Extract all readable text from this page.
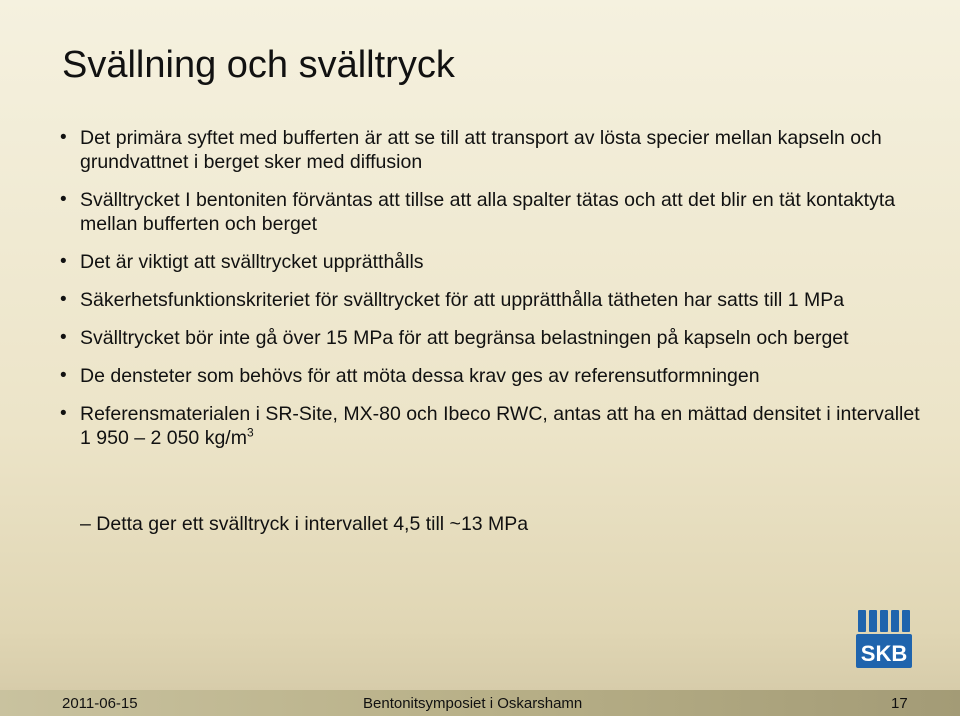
Svällning och svälltryck
• Det primära syftet med bufferten är att se till att transport av lösta specier mellan kapseln och grundvattnet i berget sker med diffusion
• Svälltrycket I bentoniten förväntas att tillse att alla spalter tätas och att det blir en tät kontaktyta mellan bufferten och berget
• Det är viktigt att svälltrycket upprätthålls
• Säkerhetsfunktionskriteriet för svälltrycket för att upprätthålla tätheten har satts till 1 MPa
• Svälltrycket bör inte gå över 15 MPa för att begränsa belastningen på kapseln och berget
• De densteter som behövs för att möta dessa krav ges av referensutformningen
• Referensmaterialen i SR-Site, MX-80 och Ibeco RWC, antas att ha en mättad densitet i intervallet 1 950 – 2 050 $kg/m^3$
– Detta ger ett svälltryck i intervallet 4,5 till ~13 MPa
SKB
2011-06-15	Bentonitsymposiet i Oskarshamn	17
